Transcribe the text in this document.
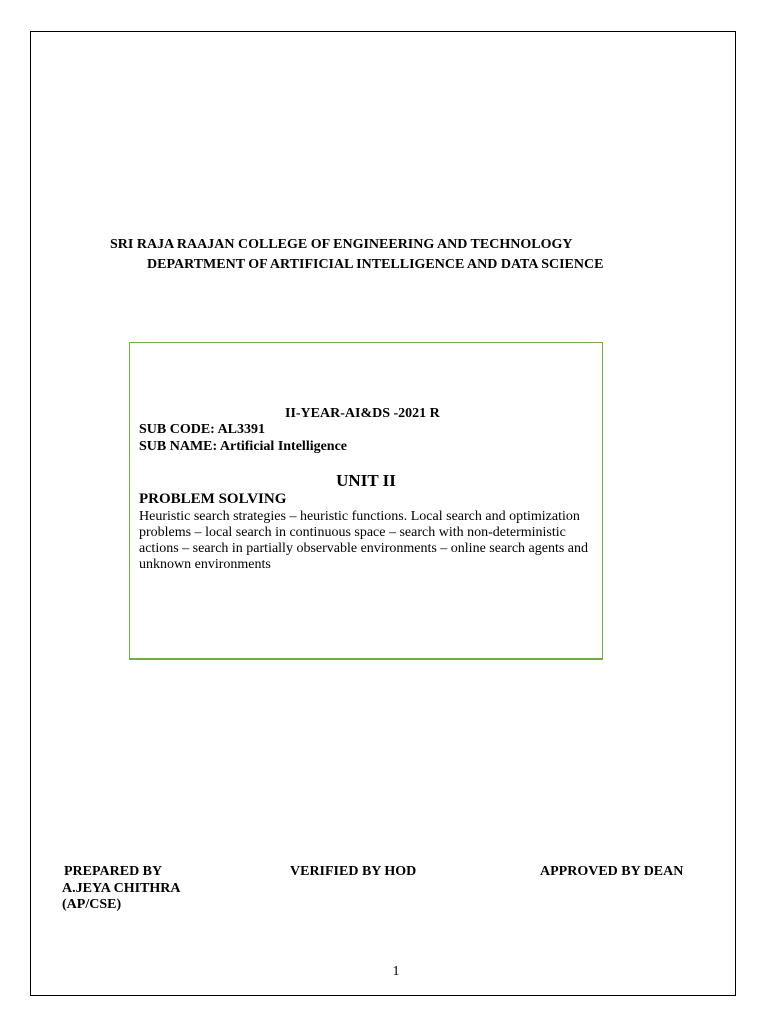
SRI RAJA RAAJAN COLLEGE OF ENGINEERING AND TECHNOLOGY
DEPARTMENT OF ARTIFICIAL INTELLIGENCE AND DATA SCIENCE
II-YEAR-AI&DS -2021 R
SUB CODE: AL3391
SUB NAME: Artificial Intelligence
UNIT II
PROBLEM SOLVING
Heuristic search strategies – heuristic functions. Local search and optimization problems – local search in continuous space – search with non-deterministic actions – search in partially observable environments – online search agents and unknown environments
PREPARED BY
A.JEYA CHITHRA
(AP/CSE)
VERIFIED BY HOD	APPROVED BY DEAN
1
